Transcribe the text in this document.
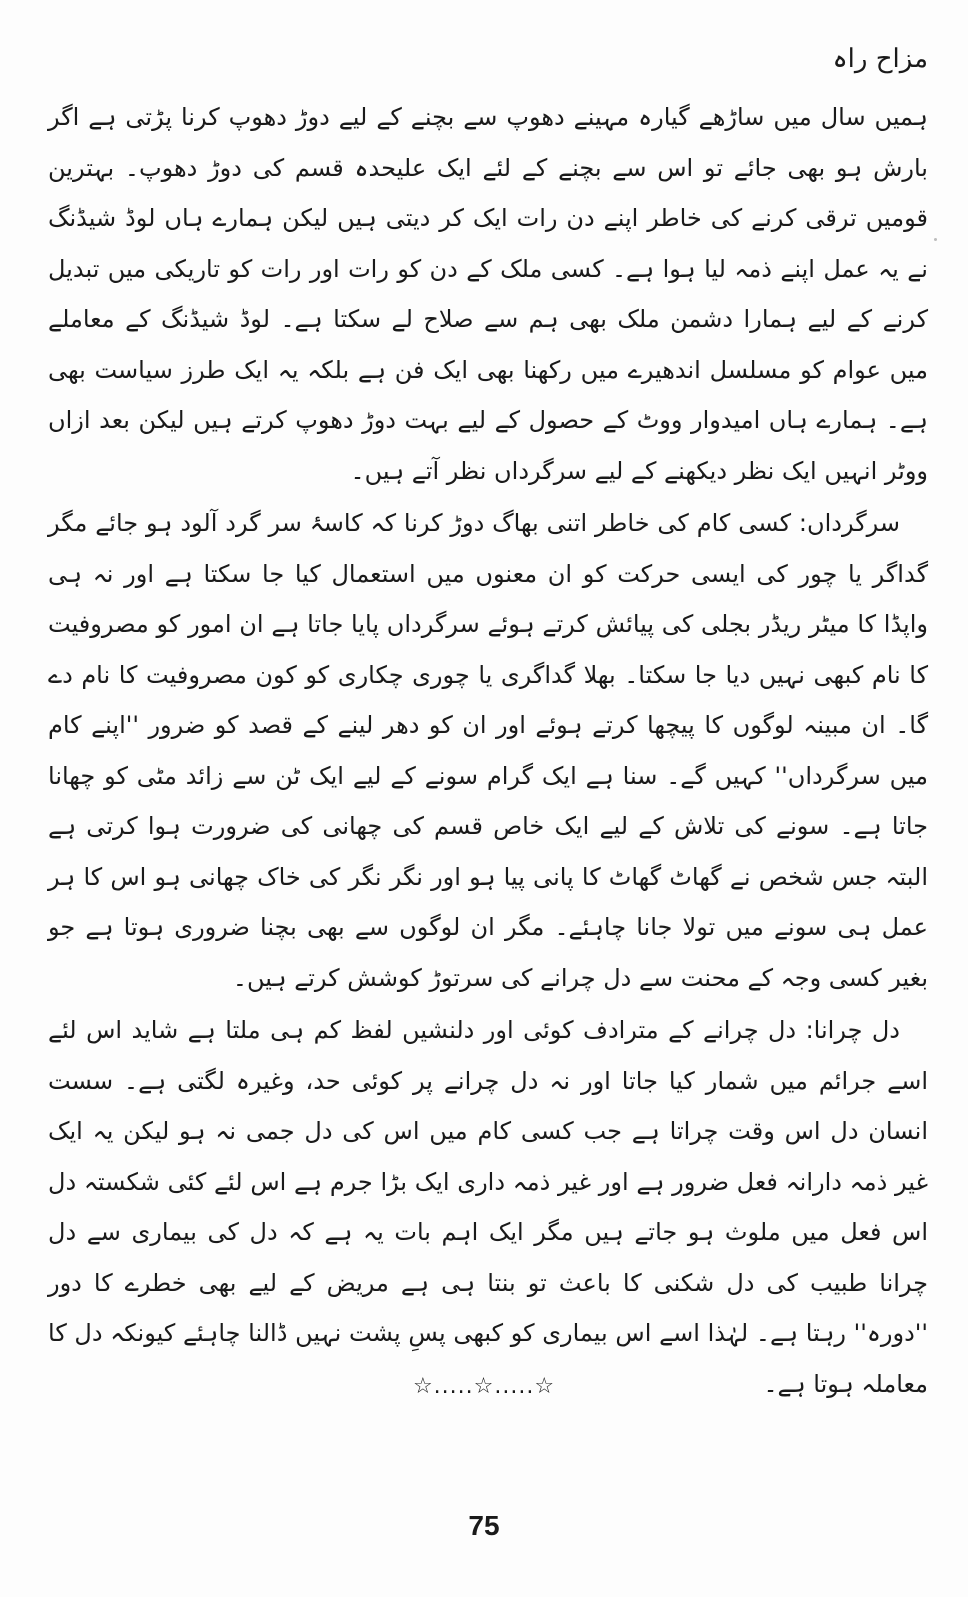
مزاح راہ

ہمیں سال میں ساڑھے گیارہ مہینے دھوپ سے بچنے کے لیے دوڑ دھوپ کرنا پڑتی ہے اگر بارش ہو بھی جائے تو اس سے بچنے کے لئے ایک علیحدہ قسم کی دوڑ دھوپ۔ بہترین قومیں ترقی کرنے کی خاطر اپنے دن رات ایک کر دیتی ہیں لیکن ہمارے ہاں لوڈ شیڈنگ نے یہ عمل اپنے ذمہ لیا ہوا ہے۔ کسی ملک کے دن کو رات اور رات کو تاریکی میں تبدیل کرنے کے لیے ہمارا دشمن ملک بھی ہم سے صلاح لے سکتا ہے۔ لوڈ شیڈنگ کے معاملے میں عوام کو مسلسل اندھیرے میں رکھنا بھی ایک فن ہے بلکہ یہ ایک طرز سیاست بھی ہے۔ ہمارے ہاں امیدوار ووٹ کے حصول کے لیے بہت دوڑ دھوپ کرتے ہیں لیکن بعد ازاں ووٹر انہیں ایک نظر دیکھنے کے لیے سرگرداں نظر آتے ہیں۔

سرگرداں: کسی کام کی خاطر اتنی بھاگ دوڑ کرنا کہ کاسۂ سر گرد آلود ہو جائے مگر گداگر یا چور کی ایسی حرکت کو ان معنوں میں استعمال کیا جا سکتا ہے اور نہ ہی واپڈا کا میٹر ریڈر بجلی کی پیائش کرتے ہوئے سرگرداں پایا جاتا ہے ان امور کو مصروفیت کا نام کبھی نہیں دیا جا سکتا۔ بھلا گداگری یا چوری چکاری کو کون مصروفیت کا نام دے گا۔ ان مبینہ لوگوں کا پیچھا کرتے ہوئے اور ان کو دھر لینے کے قصد کو ضرور ''اپنے کام میں سرگرداں'' کہیں گے۔ سنا ہے ایک گرام سونے کے لیے ایک ٹن سے زائد مٹی کو چھانا جاتا ہے۔ سونے کی تلاش کے لیے ایک خاص قسم کی چھانی کی ضرورت ہوا کرتی ہے البتہ جس شخص نے گھاٹ گھاٹ کا پانی پیا ہو اور نگر نگر کی خاک چھانی ہو اس کا ہر عمل ہی سونے میں تولا جانا چاہئے۔ مگر ان لوگوں سے بھی بچنا ضروری ہوتا ہے جو بغیر کسی وجہ کے محنت سے دل چرانے کی سرتوڑ کوشش کرتے ہیں۔

دل چرانا: دل چرانے کے مترادف کوئی اور دلنشیں لفظ کم ہی ملتا ہے شاید اس لئے اسے جرائم میں شمار کیا جاتا اور نہ دل چرانے پر کوئی حد، وغیرہ لگتی ہے۔ سست انسان دل اس وقت چراتا ہے جب کسی کام میں اس کی دل جمی نہ ہو لیکن یہ ایک غیر ذمہ دارانہ فعل ضرور ہے اور غیر ذمہ داری ایک بڑا جرم ہے اس لئے کئی شکستہ دل اس فعل میں ملوث ہو جاتے ہیں مگر ایک اہم بات یہ ہے کہ دل کی بیماری سے دل چرانا طبیب کی دل شکنی کا باعث تو بنتا ہی ہے مریض کے لیے بھی خطرے کا دور ''دورہ'' رہتا ہے۔ لہٰذا اسے اس بیماری کو کبھی پسِ پشت نہیں ڈالنا چاہئے کیونکہ دل کا معاملہ ہوتا ہے۔

☆.....☆.....☆
75
